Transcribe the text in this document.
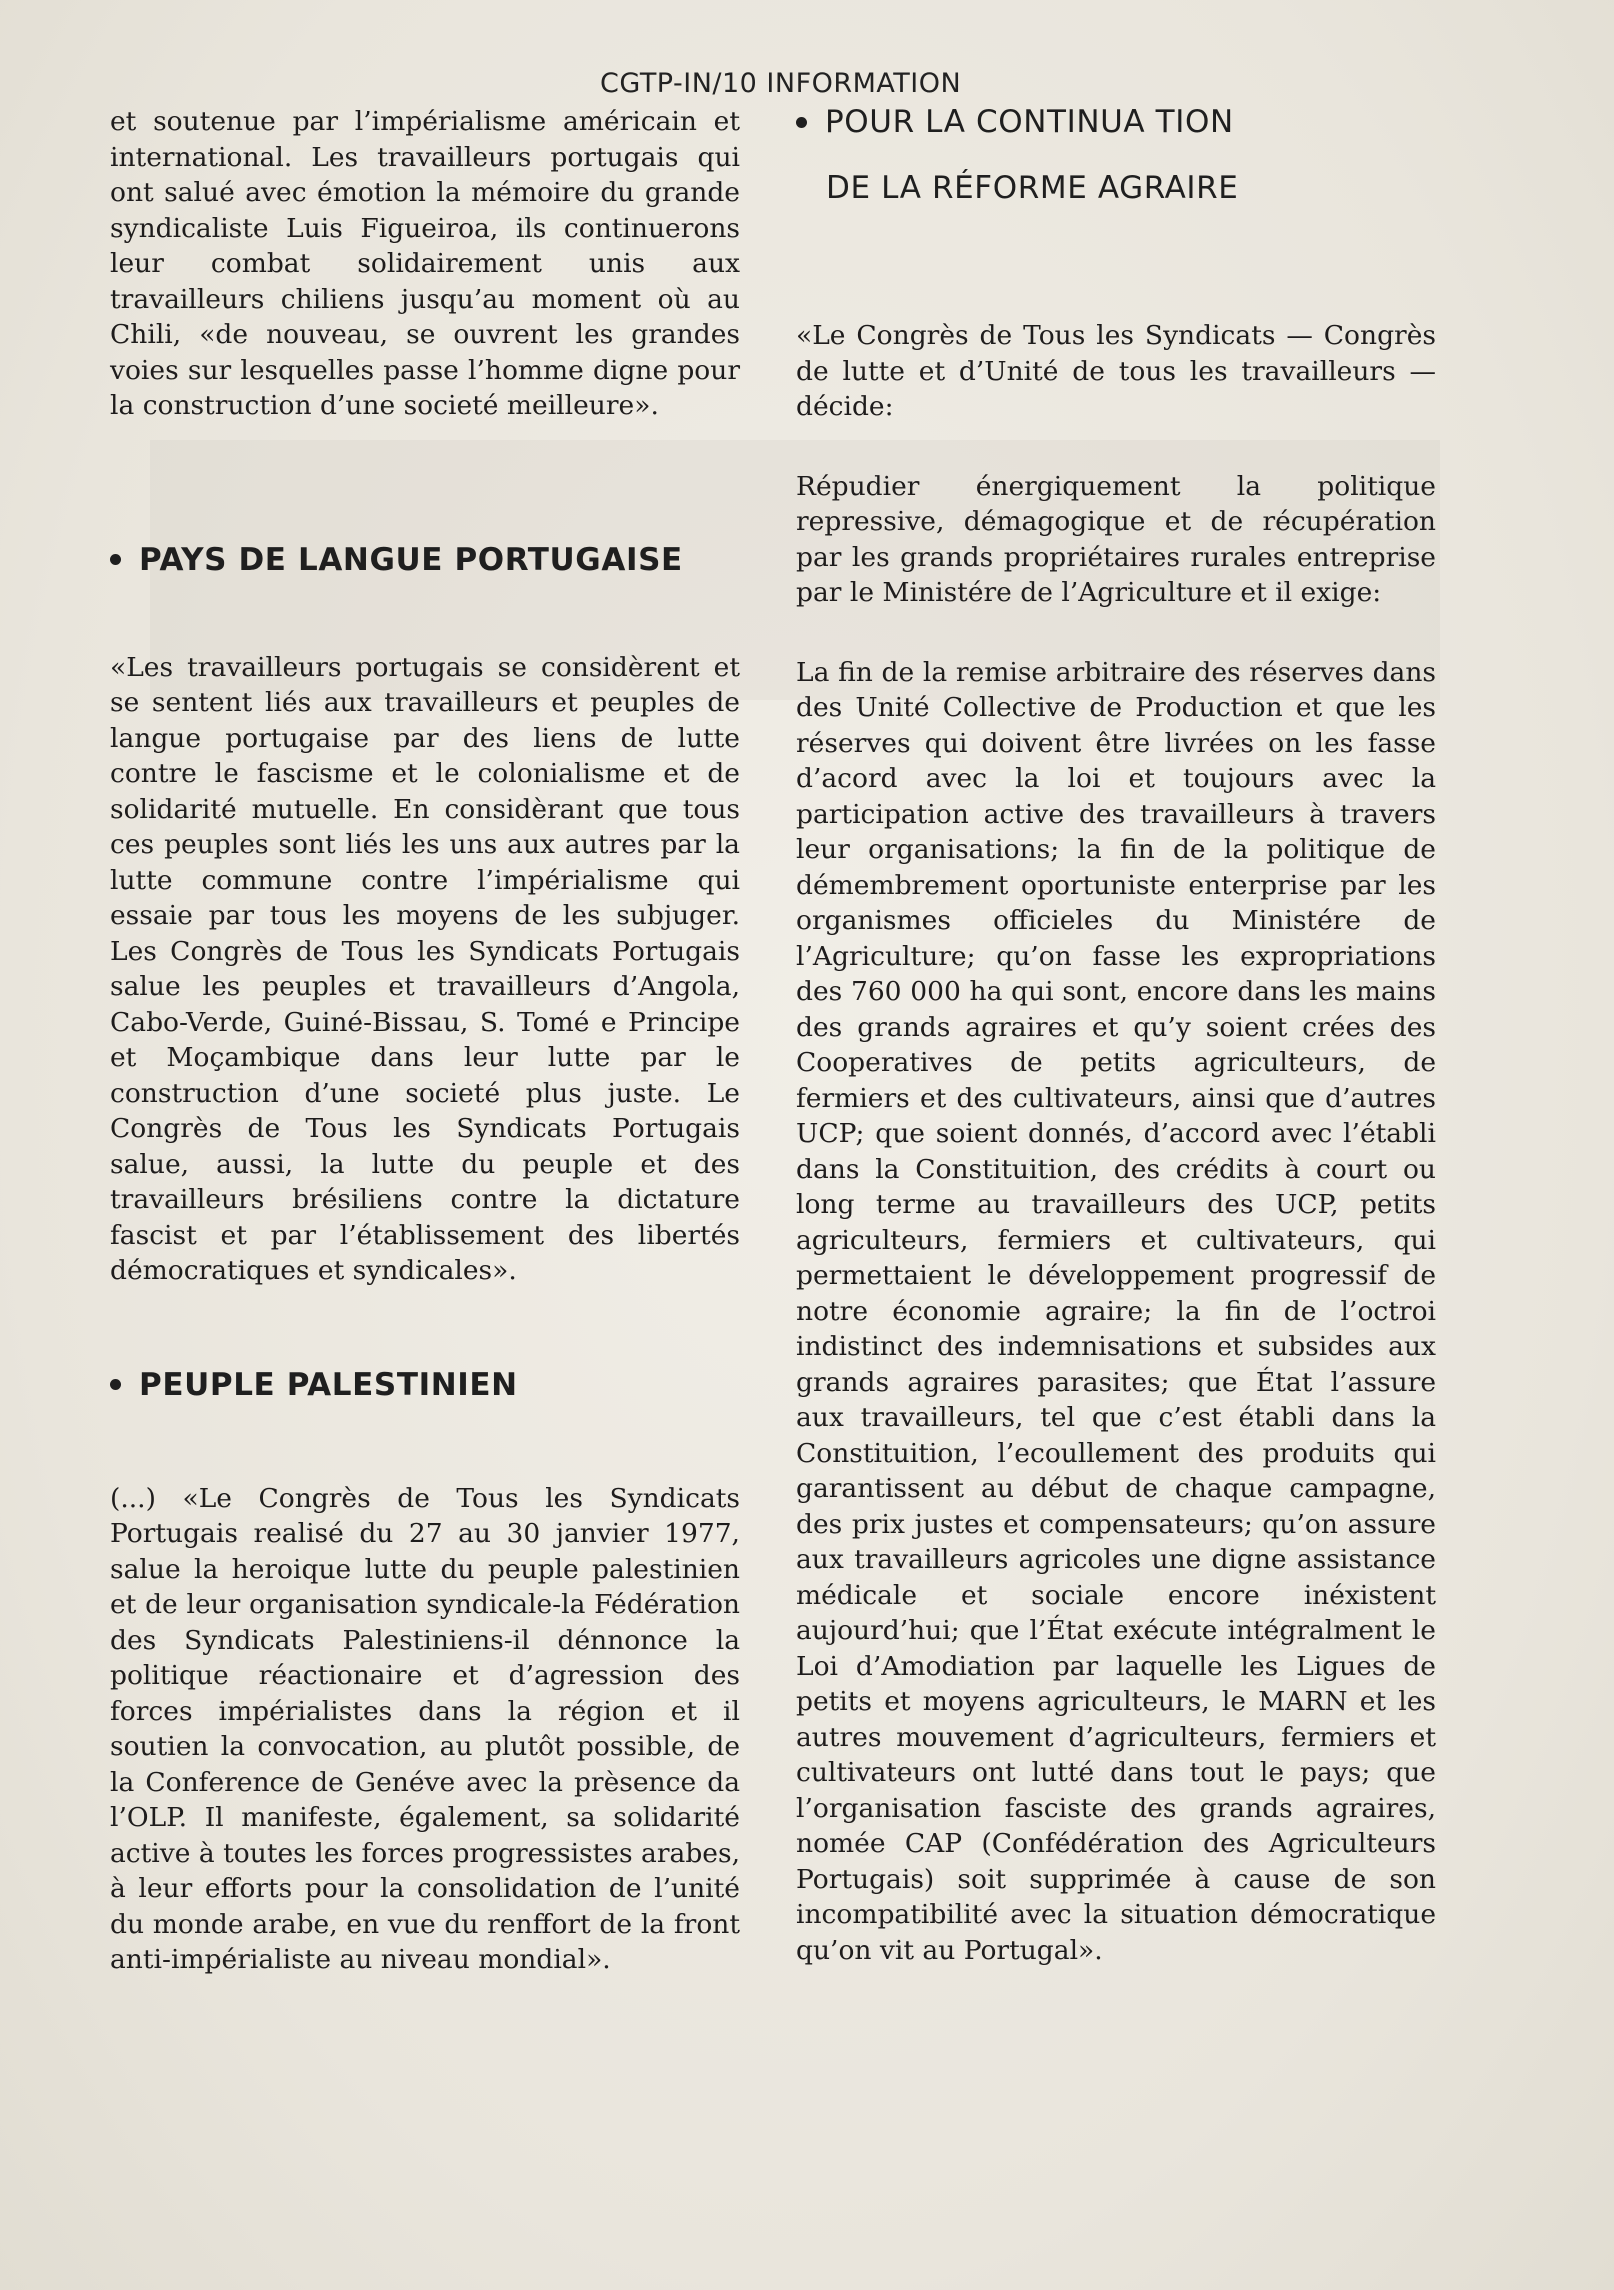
CGTP-IN/10 INFORMATION

et soutenue par l’impérialisme américain et international. Les travailleurs portugais qui ont salué avec émotion la mémoire du grande syndicaliste Luis Figueiroa, ils continuerons leur combat solidairement unis aux travailleurs chiliens jusqu’au moment où au Chili, «de nouveau, se ouvrent les grandes voies sur lesquelles passe l’homme digne pour la construction d’une societé meilleure».

PAYS DE LANGUE PORTUGAISE

«Les travailleurs portugais se considèrent et se sentent liés aux travailleurs et peuples de langue portugaise par des liens de lutte contre le fascisme et le colonialisme et de solidarité mutuelle. En considèrant que tous ces peuples sont liés les uns aux autres par la lutte commune contre l’impérialisme qui essaie par tous les moyens de les subjuger. Les Congrès de Tous les Syndicats Portugais salue les peuples et travailleurs d’Angola, Cabo-Verde, Guiné-Bissau, S. Tomé e Principe et Moçambique dans leur lutte par le construction d’une societé plus juste. Le Congrès de Tous les Syndicats Portugais salue, aussi, la lutte du peuple et des travailleurs brésiliens contre la dictature fascist et par l’établissement des libertés démocratiques et syndicales».

PEUPLE PALESTINIEN

(...) «Le Congrès de Tous les Syndicats Portugais realisé du 27 au 30 janvier 1977, salue la heroique lutte du peuple palestinien et de leur organisation syndicale-la Fédération des Syndicats Palestiniens-il dénnonce la politique réactionaire et d’agression des forces impérialistes dans la région et il soutien la convocation, au plutôt possible, de la Conference de Genéve avec la prèsence da l’OLP. Il manifeste, également, sa solidarité active à toutes les forces progressistes arabes, à leur efforts pour la consolidation de l’unité du monde arabe, en vue du renffort de la front anti-impérialiste au niveau mondial».

POUR LA CONTINUA TION
DE LA RÉFORME AGRAIRE

«Le Congrès de Tous les Syndicats — Congrès de lutte et d’Unité de tous les travailleurs — décide:

Répudier énergiquement la politique repressive, démagogique et de récupération par les grands propriétaires rurales entreprise par le Ministére de l’Agriculture et il exige:

La fin de la remise arbitraire des réserves dans des Unité Collective de Production et que les réserves qui doivent être livrées on les fasse d’acord avec la loi et toujours avec la participation active des travailleurs à travers leur organisations; la fin de la politique de démembrement oportuniste enterprise par les organismes officieles du Ministére de l’Agriculture; qu’on fasse les expropriations des 760 000 ha qui sont, encore dans les mains des grands agraires et qu’y soient crées des Cooperatives de petits agriculteurs, de fermiers et des cultivateurs, ainsi que d’autres UCP; que soient donnés, d’accord avec l’établi dans la Constituition, des crédits à court ou long terme au travailleurs des UCP, petits agriculteurs, fermiers et cultivateurs, qui permettaient le développement progressif de notre économie agraire; la fin de l’octroi indistinct des indemnisations et subsides aux grands agraires parasites; que État l’assure aux travailleurs, tel que c’est établi dans la Constituition, l’ecoullement des produits qui garantissent au début de chaque campagne, des prix justes et compensateurs; qu’on assure aux travailleurs agricoles une digne assistance médicale et sociale encore inéxistent aujourd’hui; que l’État exécute intégralment le Loi d’Amodiation par laquelle les Ligues de petits et moyens agriculteurs, le MARN et les autres mouvement d’agriculteurs, fermiers et cultivateurs ont lutté dans tout le pays; que l’organisation fasciste des grands agraires, nomée CAP (Confédération des Agriculteurs Portugais) soit supprimée à cause de son incompatibilité avec la situation démocratique qu’on vit au Portugal».
